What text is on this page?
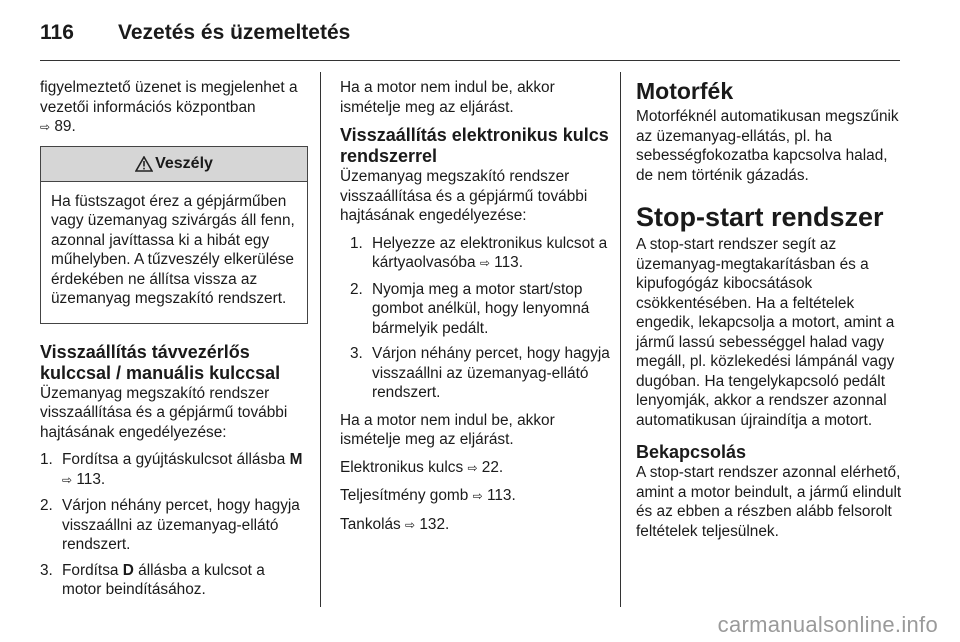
116	Vezetés és üzemeltetés

figyelmeztető üzenet is megjelenhet a vezetői információs központban
⇨ 89.

Veszély
Ha füstszagot érez a gépjárműben vagy üzemanyag szivárgás áll fenn, azonnal javíttassa ki a hibát egy műhelyben. A tűzveszély elkerülése érdekében ne állítsa vissza az üzemanyag megszakító rendszert.
Visszaállítás távvezérlős kulccsal / manuális kulccsal

Üzemanyag megszakító rendszer visszaállítása és a gépjármű további hajtásának engedélyezése:

1. Fordítsa a gyújtáskulcsot állásba M ⇨ 113.
2. Várjon néhány percet, hogy hagyja visszaállni az üzemanyag-ellátó rendszert.
3. Fordítsa D állásba a kulcsot a motor beindításához.

Ha a motor nem indul be, akkor ismételje meg az eljárást.

Visszaállítás elektronikus kulcs rendszerrel

Üzemanyag megszakító rendszer visszaállítása és a gépjármű további hajtásának engedélyezése:

1. Helyezze az elektronikus kulcsot a kártyaolvasóba ⇨ 113.
2. Nyomja meg a motor start/stop gombot anélkül, hogy lenyomná bármelyik pedált.
3. Várjon néhány percet, hogy hagyja visszaállni az üzemanyag-ellátó rendszert.

Ha a motor nem indul be, akkor ismételje meg az eljárást.

Elektronikus kulcs ⇨ 22.

Teljesítmény gomb ⇨ 113.

Tankolás ⇨ 132.

Motorfék

Motorféknél automatikusan megszűnik az üzemanyag-ellátás, pl. ha sebességfokozatba kapcsolva halad, de nem történik gázadás.

Stop-start rendszer

A stop-start rendszer segít az üzemanyag-megtakarításban és a kipufogógáz kibocsátások csökkentésében. Ha a feltételek engedik, lekapcsolja a motort, amint a jármű lassú sebességgel halad vagy megáll, pl. közlekedési lámpánál vagy dugóban. Ha tengelykapcsoló pedált lenyomják, akkor a rendszer azonnal automatikusan újraindítja a motort.

Bekapcsolás

A stop-start rendszer azonnal elérhető, amint a motor beindult, a jármű elindult és az ebben a részben alább felsorolt feltételek teljesülnek.

carmanualsonline.info
